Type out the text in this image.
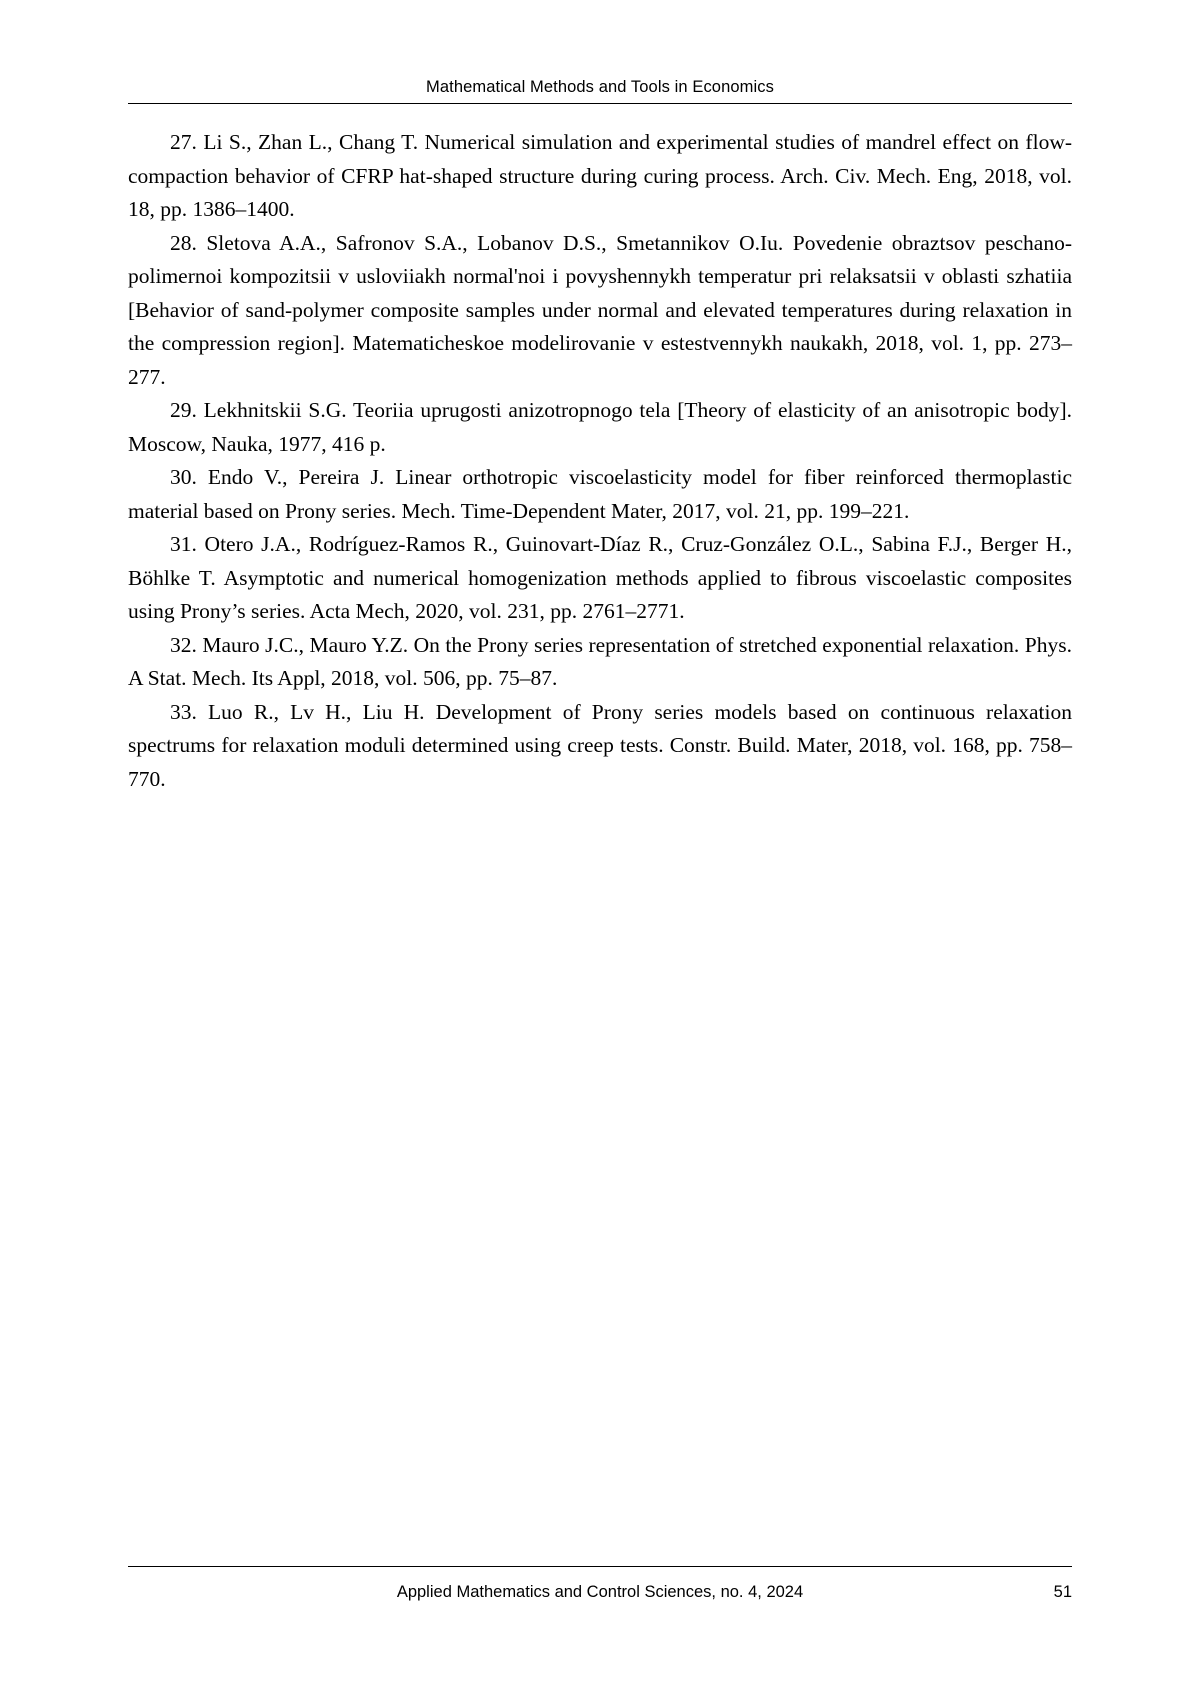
Mathematical Methods and Tools in Economics

27. Li S., Zhan L., Chang T. Numerical simulation and experimental studies of mandrel effect on flow-compaction behavior of CFRP hat-shaped structure during curing process. Arch. Civ. Mech. Eng, 2018, vol. 18, pp. 1386–1400.

28. Sletova A.A., Safronov S.A., Lobanov D.S., Smetannikov O.Iu. Povedenie obraztsov peschano-polimernoi kompozitsii v usloviiakh normal'noi i povyshennykh temperatur pri relaksatsii v oblasti szhatiia [Behavior of sand-polymer composite samples under normal and elevated temperatures during relaxation in the compression region]. Matematicheskoe modelirovanie v estestvennykh naukakh, 2018, vol. 1, pp. 273–277.

29. Lekhnitskii S.G. Teoriia uprugosti anizotropnogo tela [Theory of elasticity of an anisotropic body]. Moscow, Nauka, 1977, 416 p.

30. Endo V., Pereira J. Linear orthotropic viscoelasticity model for fiber reinforced thermoplastic material based on Prony series. Mech. Time-Dependent Mater, 2017, vol. 21, pp. 199–221.

31. Otero J.A., Rodríguez-Ramos R., Guinovart-Díaz R., Cruz-González O.L., Sabina F.J., Berger H., Böhlke T. Asymptotic and numerical homogenization methods applied to fibrous viscoelastic composites using Prony’s series. Acta Mech, 2020, vol. 231, pp. 2761–2771.

32. Mauro J.C., Mauro Y.Z. On the Prony series representation of stretched exponential relaxation. Phys. A Stat. Mech. Its Appl, 2018, vol. 506, pp. 75–87.

33. Luo R., Lv H., Liu H. Development of Prony series models based on continuous relaxation spectrums for relaxation moduli determined using creep tests. Constr. Build. Mater, 2018, vol. 168, pp. 758–770.

Applied Mathematics and Control Sciences, no. 4, 2024	51
